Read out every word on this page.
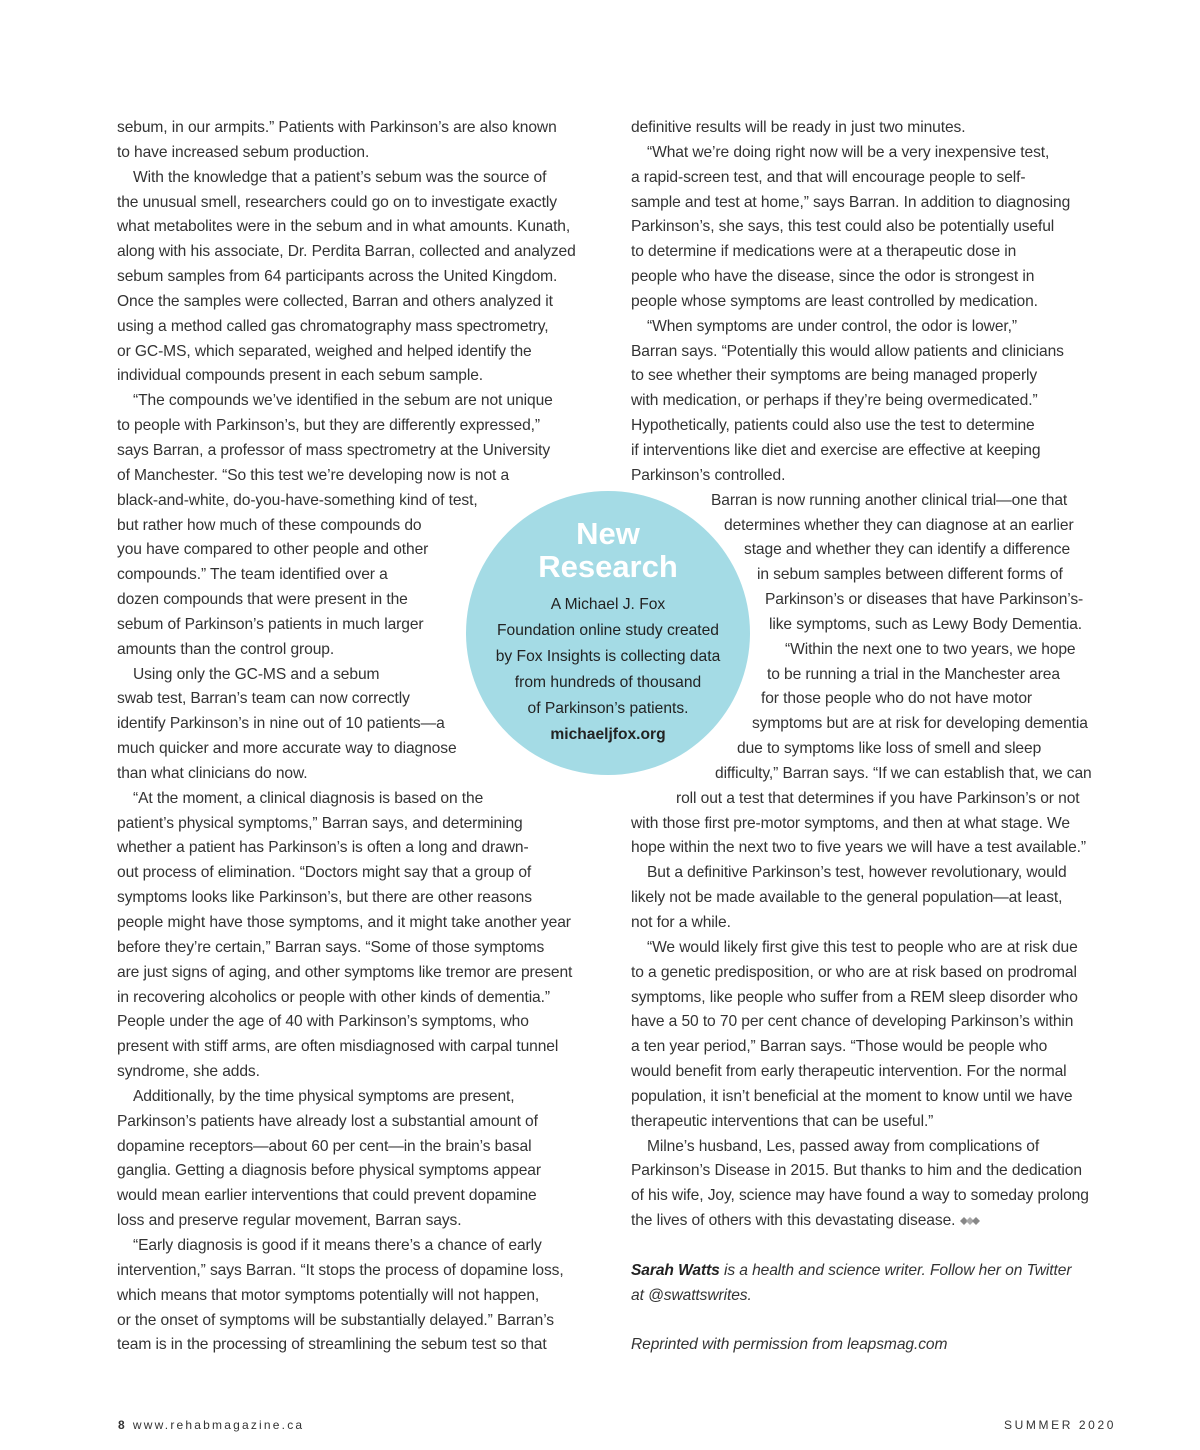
sebum, in our armpits.” Patients with Parkinson’s are also known
to have increased sebum production.
With the knowledge that a patient’s sebum was the source of
the unusual smell, researchers could go on to investigate exactly
what metabolites were in the sebum and in what amounts. Kunath,
along with his associate, Dr. Perdita Barran, collected and analyzed
sebum samples from 64 participants across the United Kingdom.
Once the samples were collected, Barran and others analyzed it
using a method called gas chromatography mass spectrometry,
or GC-MS, which separated, weighed and helped identify the
individual compounds present in each sebum sample.
“The compounds we’ve identified in the sebum are not unique
to people with Parkinson’s, but they are differently expressed,”
says Barran, a professor of mass spectrometry at the University
of Manchester. “So this test we’re developing now is not a
black-and-white, do-you-have-something kind of test,
but rather how much of these compounds do
you have compared to other people and other
compounds.” The team identified over a
dozen compounds that were present in the
sebum of Parkinson’s patients in much larger
amounts than the control group.
Using only the GC-MS and a sebum
swab test, Barran’s team can now correctly
identify Parkinson’s in nine out of 10 patients—a
much quicker and more accurate way to diagnose
than what clinicians do now.
“At the moment, a clinical diagnosis is based on the
patient’s physical symptoms,” Barran says, and determining
whether a patient has Parkinson’s is often a long and drawn-
out process of elimination. “Doctors might say that a group of
symptoms looks like Parkinson’s, but there are other reasons
people might have those symptoms, and it might take another year
before they’re certain,” Barran says. “Some of those symptoms
are just signs of aging, and other symptoms like tremor are present
in recovering alcoholics or people with other kinds of dementia.”
People under the age of 40 with Parkinson’s symptoms, who
present with stiff arms, are often misdiagnosed with carpal tunnel
syndrome, she adds.
Additionally, by the time physical symptoms are present,
Parkinson’s patients have already lost a substantial amount of
dopamine receptors—about 60 per cent—in the brain’s basal
ganglia. Getting a diagnosis before physical symptoms appear
would mean earlier interventions that could prevent dopamine
loss and preserve regular movement, Barran says.
“Early diagnosis is good if it means there’s a chance of early
intervention,” says Barran. “It stops the process of dopamine loss,
which means that motor symptoms potentially will not happen,
or the onset of symptoms will be substantially delayed.” Barran’s
team is in the processing of streamlining the sebum test so that
definitive results will be ready in just two minutes.
“What we’re doing right now will be a very inexpensive test,
a rapid-screen test, and that will encourage people to self-
sample and test at home,” says Barran. In addition to diagnosing
Parkinson’s, she says, this test could also be potentially useful
to determine if medications were at a therapeutic dose in
people who have the disease, since the odor is strongest in
people whose symptoms are least controlled by medication.
“When symptoms are under control, the odor is lower,”
Barran says. “Potentially this would allow patients and clinicians
to see whether their symptoms are being managed properly
with medication, or perhaps if they’re being overmedicated.”
Hypothetically, patients could also use the test to determine
if interventions like diet and exercise are effective at keeping
Parkinson’s controlled.
Barran is now running another clinical trial—one that
determines whether they can diagnose at an earlier
stage and whether they can identify a difference
in sebum samples between different forms of
Parkinson’s or diseases that have Parkinson’s-
like symptoms, such as Lewy Body Dementia.
“Within the next one to two years, we hope
to be running a trial in the Manchester area
for those people who do not have motor
symptoms but are at risk for developing dementia
due to symptoms like loss of smell and sleep
difficulty,” Barran says. “If we can establish that, we can
roll out a test that determines if you have Parkinson’s or not
with those first pre-motor symptoms, and then at what stage. We
hope within the next two to five years we will have a test available.”
But a definitive Parkinson’s test, however revolutionary, would
likely not be made available to the general population—at least,
not for a while.
“We would likely first give this test to people who are at risk due
to a genetic predisposition, or who are at risk based on prodromal
symptoms, like people who suffer from a REM sleep disorder who
have a 50 to 70 per cent chance of developing Parkinson’s within
a ten year period,” Barran says. “Those would be people who
would benefit from early therapeutic intervention. For the normal
population, it isn’t beneficial at the moment to know until we have
therapeutic interventions that can be useful.”
Milne’s husband, Les, passed away from complications of
Parkinson’s Disease in 2015. But thanks to him and the dedication
of his wife, Joy, science may have found a way to someday prolong
the lives of others with this devastating disease.
Sarah Watts is a health and science writer. Follow her on Twitter
at @swattswrites.
Reprinted with permission from leapsmag.com
New
Research
A Michael J. Fox
Foundation online study created
by Fox Insights is collecting data
from hundreds of thousand
of Parkinson’s patients.
michaeljfox.org
8 www.rehabmagazine.ca	SUMMER 2020
